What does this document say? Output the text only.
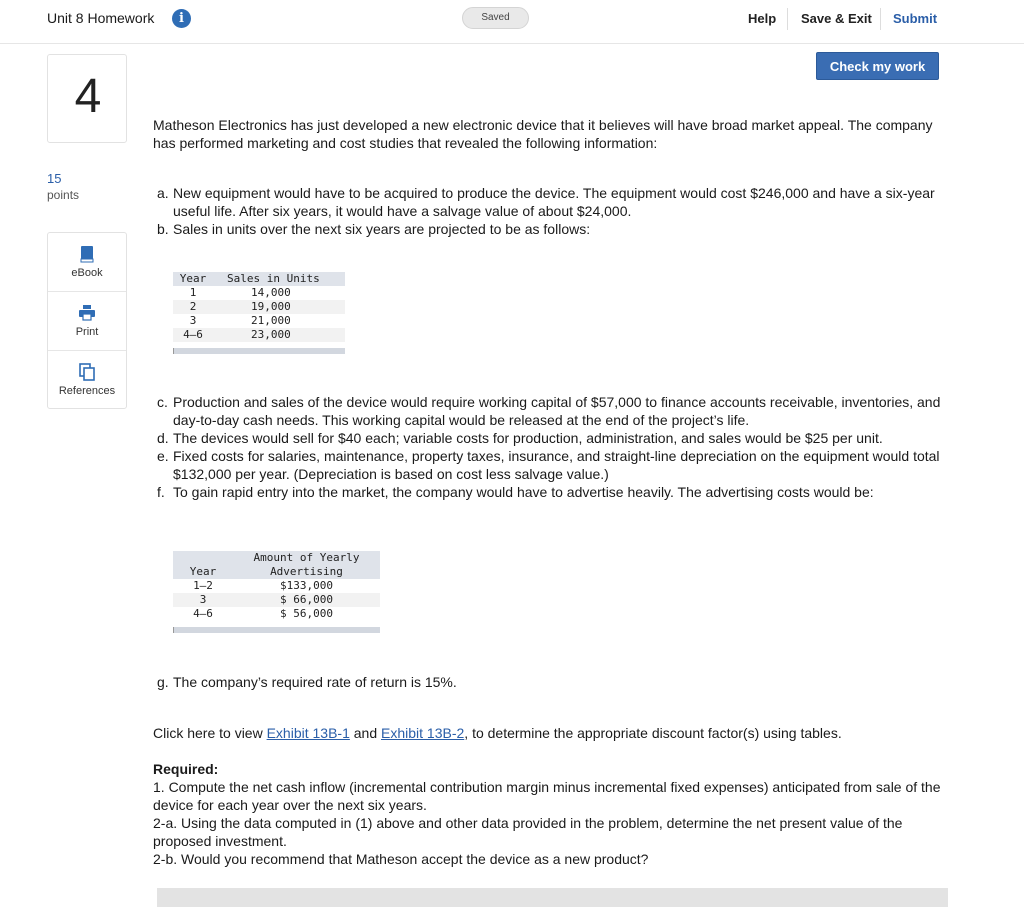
Unit 8 Homework	i	Saved	Help Save & Exit Submit
Check my work
4
15
points
eBook
Print
References
Matheson Electronics has just developed a new electronic device that it believes will have broad market appeal. The company has performed marketing and cost studies that revealed the following information:
a. New equipment would have to be acquired to produce the device. The equipment would cost $246,000 and have a six-year useful life. After six years, it would have a salvage value of about $24,000.
b. Sales in units over the next six years are projected to be as follows:
Year	Sales in Units
1	14,000
2	19,000
3	21,000
4–6	23,000
c. Production and sales of the device would require working capital of $57,000 to finance accounts receivable, inventories, and day-to-day cash needs. This working capital would be released at the end of the project’s life.
d. The devices would sell for $40 each; variable costs for production, administration, and sales would be $25 per unit.
e. Fixed costs for salaries, maintenance, property taxes, insurance, and straight-line depreciation on the equipment would total $132,000 per year. (Depreciation is based on cost less salvage value.)
f. To gain rapid entry into the market, the company would have to advertise heavily. The advertising costs would be:
Amount of Yearly
Year	Advertising
1–2	$133,000
3	$ 66,000
4–6	$ 56,000
g. The company’s required rate of return is 15%.
Click here to view Exhibit 13B-1 and Exhibit 13B-2, to determine the appropriate discount factor(s) using tables.
Required:
1. Compute the net cash inflow (incremental contribution margin minus incremental fixed expenses) anticipated from sale of the device for each year over the next six years.
2-a. Using the data computed in (1) above and other data provided in the problem, determine the net present value of the proposed investment.
2-b. Would you recommend that Matheson accept the device as a new product?
